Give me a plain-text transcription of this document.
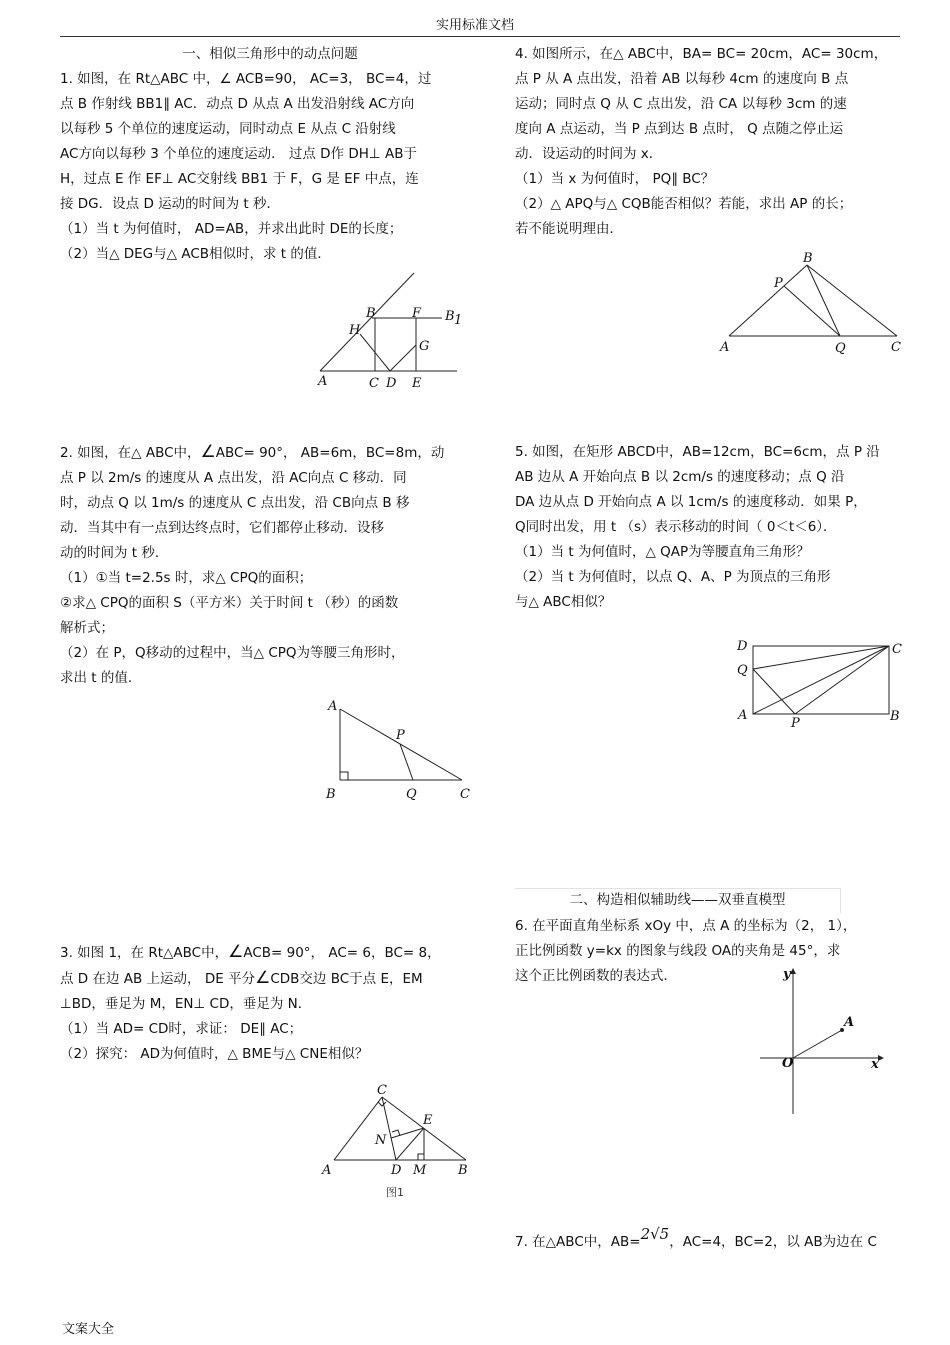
实用标准文档

一、相似三角形中的动点问题

1. 如图，在 Rt△ABC 中，∠ ACB=90， AC=3， BC=4，过

点 B 作射线 BB1∥ AC．动点 D 从点 A 出发沿射线 AC方向

以每秒 5 个单位的速度运动，同时动点 E 从点 C 沿射线

AC方向以每秒 3 个单位的速度运动． 过点 D作 DH⊥ AB于

H，过点 E 作 EF⊥ AC交射线 BB1 于 F，G 是 EF 中点，连

接 DG．设点 D 运动的时间为 t 秒．

（1）当 t 为何值时， AD=AB，并求出此时 DE的长度；

（2）当△ DEG与△ ACB相似时，求 t 的值．

2. 如图，在△ ABC中，∠ABC= 90°， AB=6m，BC=8m，动

点 P 以 2m/s 的速度从 A 点出发，沿 AC向点 C 移动．同

时，动点 Q 以 1m/s 的速度从 C 点出发，沿 CB向点 B 移

动．当其中有一点到达终点时，它们都停止移动．设移

动的时间为 t 秒．

（1）①当 t=2.5s 时，求△ CPQ的面积；

②求△ CPQ的面积 S（平方米）关于时间 t （秒）的函数

解析式；

（2）在 P，Q移动的过程中，当△ CPQ为等腰三角形时，

求出 t 的值．

3. 如图 1，在 Rt△ABC中，∠ACB= 90°， AC= 6，BC= 8，

点 D 在边 AB 上运动， DE 平分∠CDB交边 BC于点 E，EM

⊥BD，垂足为 M，EN⊥ CD，垂足为 N．

（1）当 AD= CD时，求证： DE∥ AC；

（2）探究： AD为何值时，△ BME与△ CNE相似？

4. 如图所示，在△ ABC中，BA= BC= 20cm，AC= 30cm，

点 P 从 A 点出发，沿着 AB 以每秒 4cm 的速度向 B 点

运动；同时点 Q 从 C 点出发，沿 CA 以每秒 3cm 的速

度向 A 点运动，当 P 点到达 B 点时， Q 点随之停止运

动．设运动的时间为 x．

（1）当 x 为何值时， PQ∥ BC？

（2）△ APQ与△ CQB能否相似？若能，求出 AP 的长；

若不能说明理由．

5. 如图，在矩形 ABCD中，AB=12cm，BC=6cm，点 P 沿

AB 边从 A 开始向点 B 以 2cm/s 的速度移动；点 Q 沿

DA 边从点 D 开始向点 A 以 1cm/s 的速度移动．如果 P，

Q同时出发，用 t （s）表示移动的时间（ 0＜t＜6）．

（1）当 t 为何值时，△ QAP为等腰直角三角形？

（2）当 t 为何值时，以点 Q、A、P 为顶点的三角形

与△ ABC相似？

二、构造相似辅助线——双垂直模型

6. 在平面直角坐标系 xOy 中，点 A 的坐标为（2， 1），

正比例函数 y=kx 的图象与线段 OA的夹角是 45°，求

这个正比例函数的表达式．

7. 在△ABC中，AB=2√5，AC=4，BC=2，以 AB为边在 C

B	F B 1
H
G
A	C D E
A
P
B	Q	C
C
E
N
A	D M B
图1
B
P
A	Q	C
D	C
Q
A
P	B
y
A
O	x
文案大全
